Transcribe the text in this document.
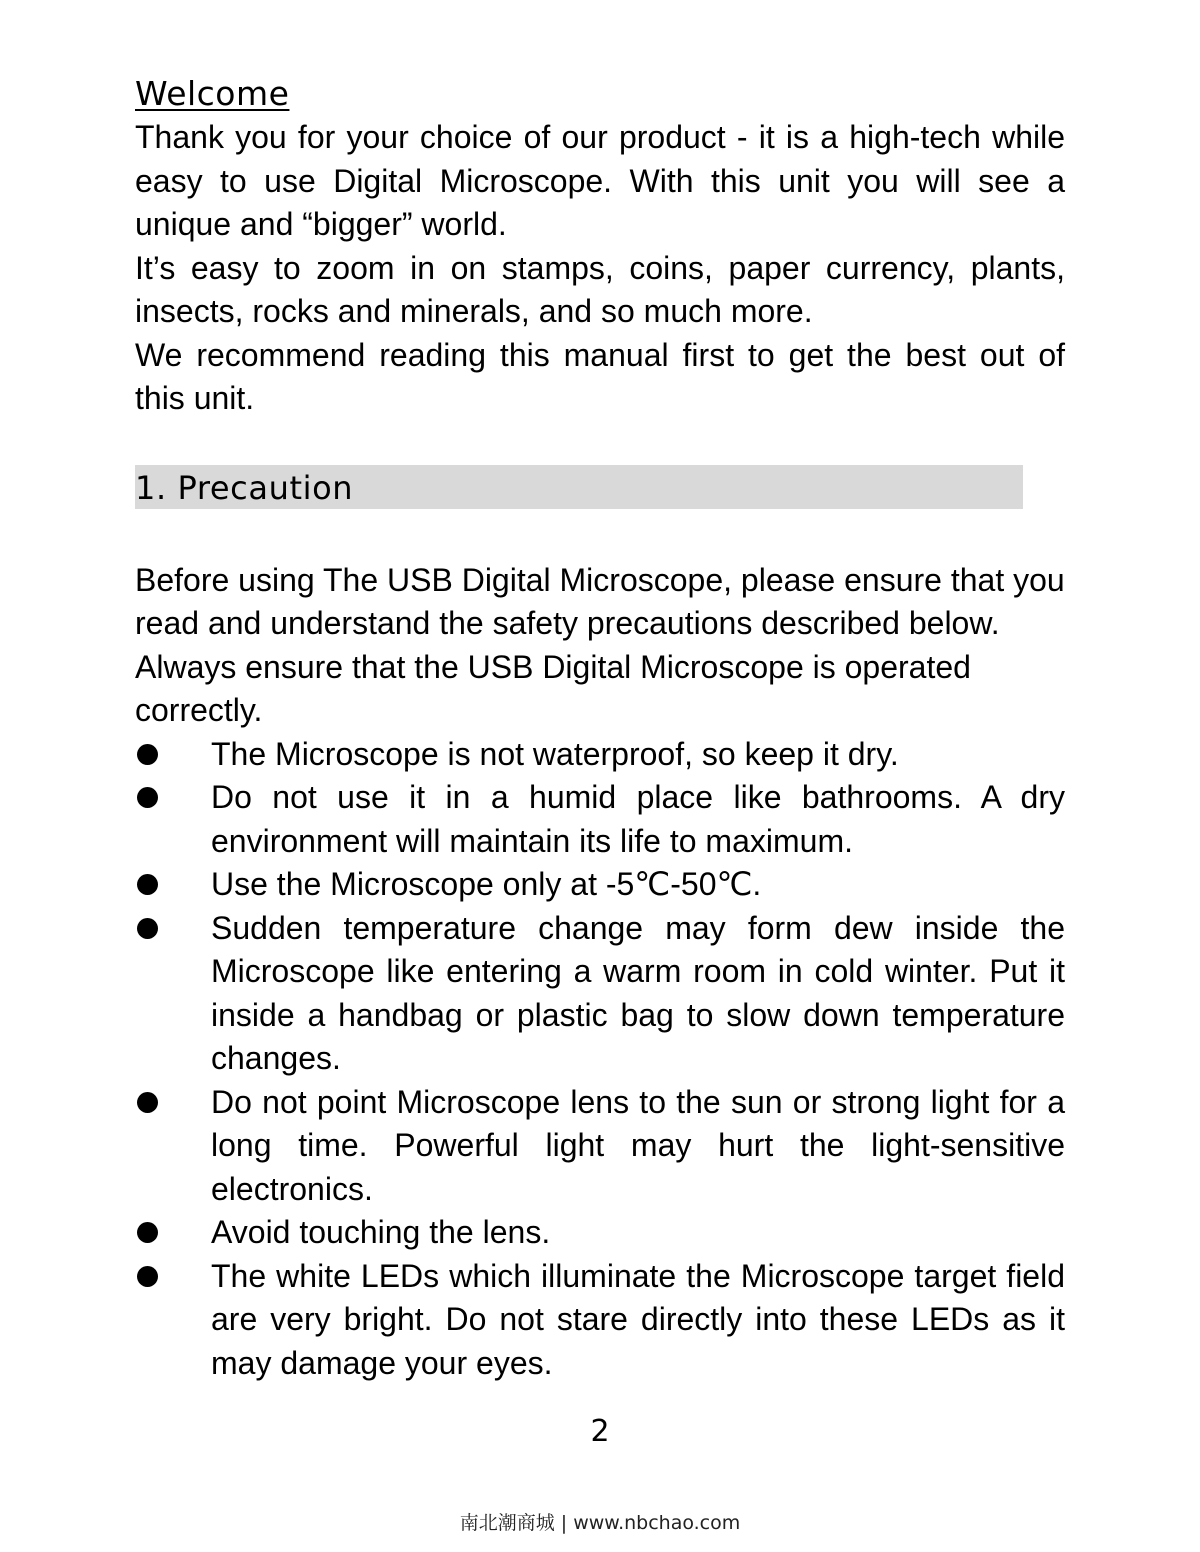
Welcome

Thank you for your choice of our product - it is a high-tech while easy to use Digital Microscope. With this unit you will see a unique and “bigger” world.

It’s easy to zoom in on stamps, coins, paper currency, plants, insects, rocks and minerals, and so much more.

We recommend reading this manual first to get the best out of this unit.

1. Precaution

Before using The USB Digital Microscope, please ensure that you read and understand the safety precautions described below. Always ensure that the USB Digital Microscope is operated correctly.

The Microscope is not waterproof, so keep it dry.
Do not use it in a humid place like bathrooms. A dry environment will maintain its life to maximum.
Use the Microscope only at -5℃-50℃.
Sudden temperature change may form dew inside the Microscope like entering a warm room in cold winter. Put it inside a handbag or plastic bag to slow down temperature changes.
Do not point Microscope lens to the sun or strong light for a long time. Powerful light may hurt the light-sensitive electronics.
Avoid touching the lens.
The white LEDs which illuminate the Microscope target field are very bright. Do not stare directly into these LEDs as it may damage your eyes.
2
南北潮商城 | www.nbchao.com
